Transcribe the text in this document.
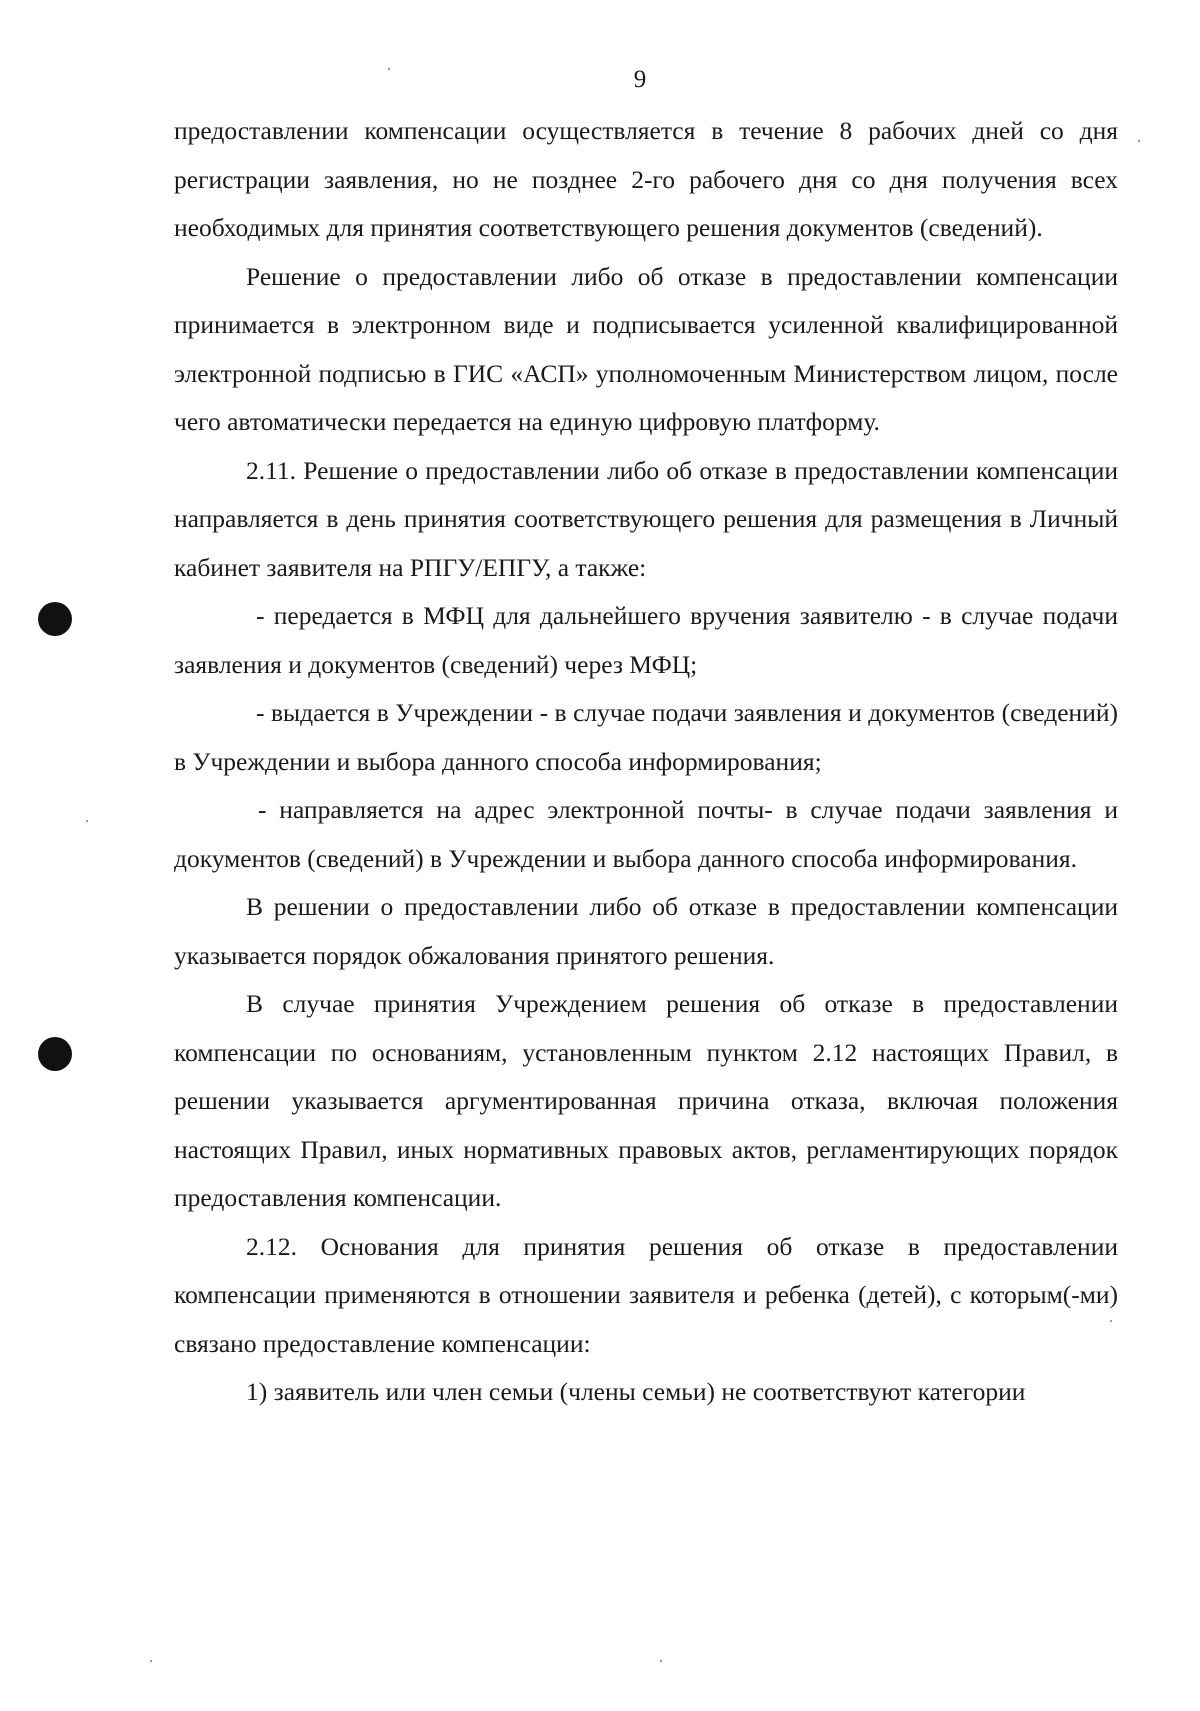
9

предоставлении компенсации осуществляется в течение 8 рабочих дней со дня регистрации заявления, но не позднее 2-го рабочего дня со дня получения всех необходимых для принятия соответствующего решения документов (сведений).

Решение о предоставлении либо об отказе в предоставлении компенсации принимается в электронном виде и подписывается усиленной квалифицированной электронной подписью в ГИС «АСП» уполномоченным Министерством лицом, после чего автоматически передается на единую цифровую платформу.

2.11. Решение о предоставлении либо об отказе в предоставлении компенсации направляется в день принятия соответствующего решения для размещения в Личный кабинет заявителя на РПГУ/ЕПГУ, а также:

- передается в МФЦ для дальнейшего вручения заявителю - в случае подачи заявления и документов (сведений) через МФЦ;

- выдается в Учреждении - в случае подачи заявления и документов (сведений) в Учреждении и выбора данного способа информирования;

- направляется на адрес электронной почты- в случае подачи заявления и документов (сведений) в Учреждении и выбора данного способа информирования.

В решении о предоставлении либо об отказе в предоставлении компенсации указывается порядок обжалования принятого решения.

В случае принятия Учреждением решения об отказе в предоставлении компенсации по основаниям, установленным пунктом 2.12 настоящих Правил, в решении указывается аргументированная причина отказа, включая положения настоящих Правил, иных нормативных правовых актов, регламентирующих порядок предоставления компенсации.

2.12. Основания для принятия решения об отказе в предоставлении компенсации применяются в отношении заявителя и ребенка (детей), с которым(-ми) связано предоставление компенсации:

1) заявитель или член семьи (члены семьи) не соответствуют категории
